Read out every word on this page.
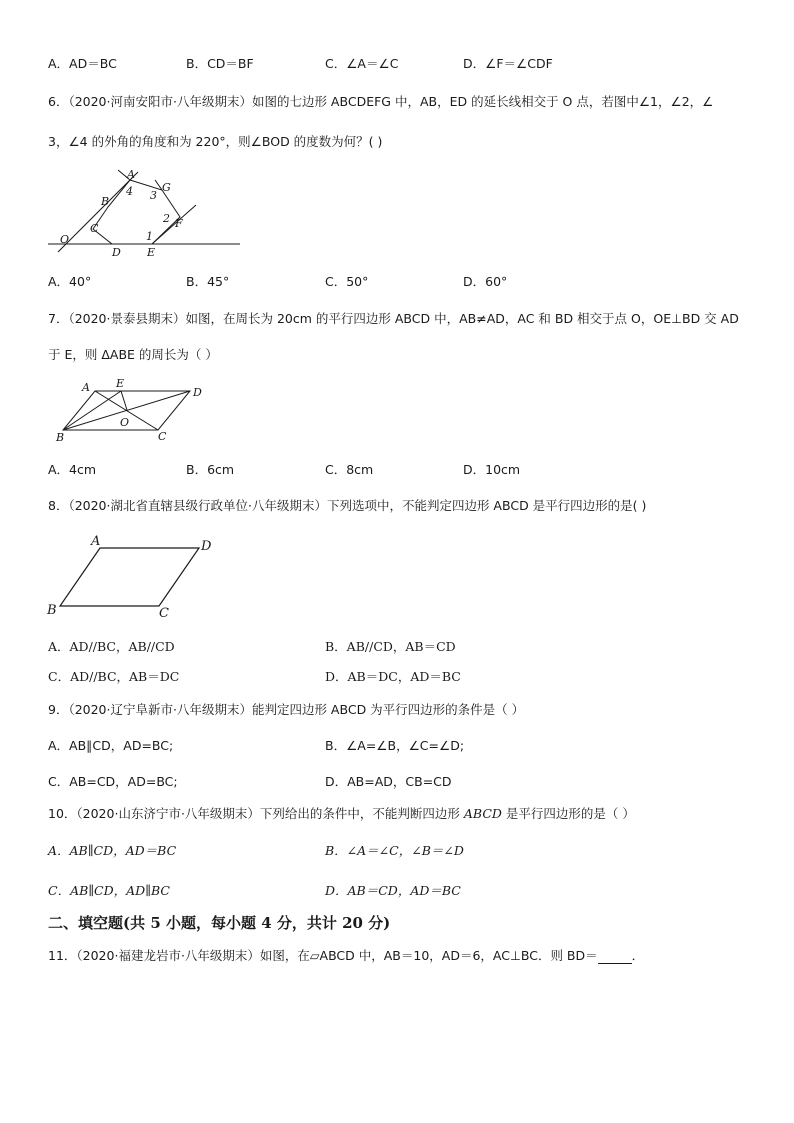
A．AD＝BC	B．CD＝BF	C．∠A＝∠C	D．∠F＝∠CDF
6．（2020·河南安阳市·八年级期末）如图的七边形 ABCDEFG 中，AB，ED 的延长线相交于 O 点，若图中∠1，∠2，∠
3，∠4 的外角的角度和为 220°，则∠BOD 的度数为何？( )
A
B
C
D E
F
G
O	1
2
3
4
A．40°	B．45°	C．50°	D．60°
7．（2020·景泰县期末）如图，在周长为 20cm 的平行四边形 ABCD 中，AB≠AD，AC 和 BD 相交于点 O，OE⊥BD 交 AD
于 E，则 ΔABE 的周长为（ ）
A E
D
B	C
O
A．4cm	B．6cm	C．8cm	D．10cm
8．（2020·湖北省直辖县级行政单位·八年级期末）下列选项中，不能判定四边形 ABCD 是平行四边形的是( )
A	D
B	C
A．AD//BC，AB//CD	B．AB//CD，AB＝CD
C．AD//BC，AB＝DC	D．AB＝DC，AD＝BC
9．（2020·辽宁阜新市·八年级期末）能判定四边形 ABCD 为平行四边形的条件是（ ）
A．AB∥CD，AD=BC;	B．∠A=∠B，∠C=∠D;
C．AB=CD，AD=BC;	D．AB=AD，CB=CD
10．（2020·山东济宁市·八年级期末）下列给出的条件中，不能判断四边形 ABCD 是平行四边形的是（ ）
A．AB∥CD，AD＝BC	B．∠A＝∠C，∠B＝∠D
C．AB∥CD，AD∥BC	D．AB＝CD，AD＝BC
二、填空题(共 5 小题，每小题 4 分，共计 20 分)
11．（2020·福建龙岩市·八年级期末）如图，在▱ABCD 中，AB＝10，AD＝6，AC⊥BC．则 BD＝	．
